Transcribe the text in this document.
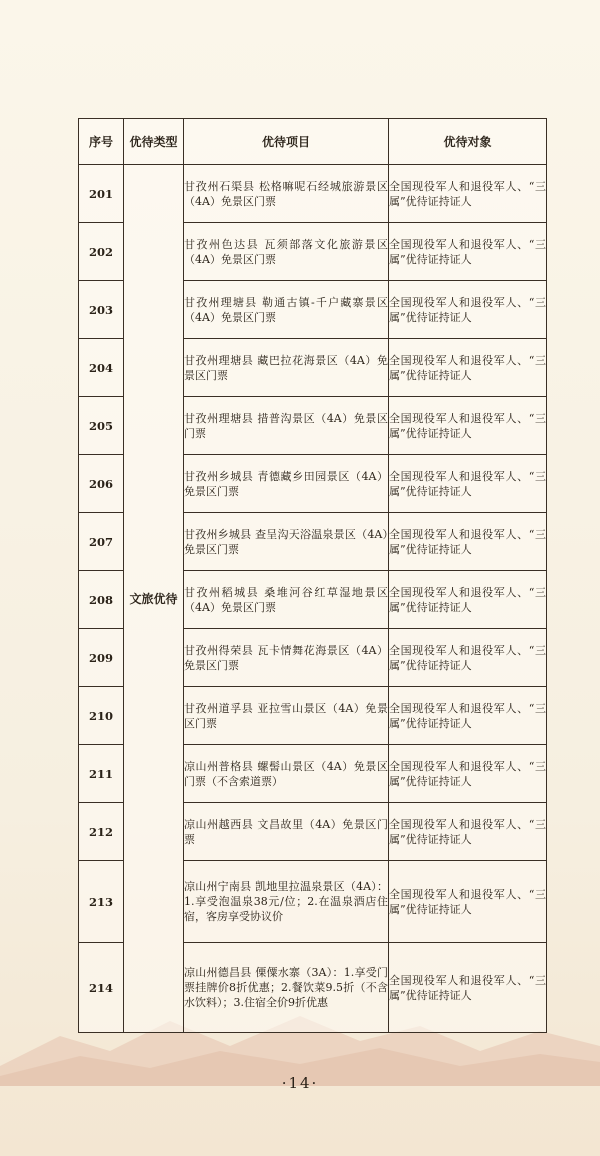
序号	优待类型	优待项目	优待对象
201	文旅优待	甘孜州石渠县 松格嘛呢石经城旅游景区（4A）免景区门票	全国现役军人和退役军人、“三属”优待证持证人
202		甘孜州色达县 瓦须部落文化旅游景区（4A）免景区门票	全国现役军人和退役军人、“三属”优待证持证人
203		甘孜州理塘县 勒通古镇-千户藏寨景区（4A）免景区门票	全国现役军人和退役军人、“三属”优待证持证人
204		甘孜州理塘县 藏巴拉花海景区（4A）免景区门票	全国现役军人和退役军人、“三属”优待证持证人
205		甘孜州理塘县 措普沟景区（4A）免景区门票	全国现役军人和退役军人、“三属”优待证持证人
206		甘孜州乡城县 青德藏乡田园景区（4A）免景区门票	全国现役军人和退役军人、“三属”优待证持证人
207		甘孜州乡城县 查呈沟天浴温泉景区（4A）免景区门票	全国现役军人和退役军人、“三属”优待证持证人
208		甘孜州稻城县 桑堆河谷红草湿地景区（4A）免景区门票	全国现役军人和退役军人、“三属”优待证持证人
209		甘孜州得荣县 瓦卡情舞花海景区（4A）免景区门票	全国现役军人和退役军人、“三属”优待证持证人
210		甘孜州道孚县 亚拉雪山景区（4A）免景区门票	全国现役军人和退役军人、“三属”优待证持证人
211		凉山州普格县 螺髻山景区（4A）免景区门票（不含索道票）	全国现役军人和退役军人、“三属”优待证持证人
212		凉山州越西县 文昌故里（4A）免景区门票	全国现役军人和退役军人、“三属”优待证持证人
213		凉山州宁南县 凯地里拉温泉景区（4A）：1.享受泡温泉38元/位；2.在温泉酒店住宿，客房享受协议价	全国现役军人和退役军人、“三属”优待证持证人
214		凉山州德昌县 傈僳水寨（3A）：1.享受门票挂牌价8折优惠；2.餐饮菜9.5折（不含水饮料）；3.住宿全价9折优惠	全国现役军人和退役军人、“三属”优待证持证人
·14·
